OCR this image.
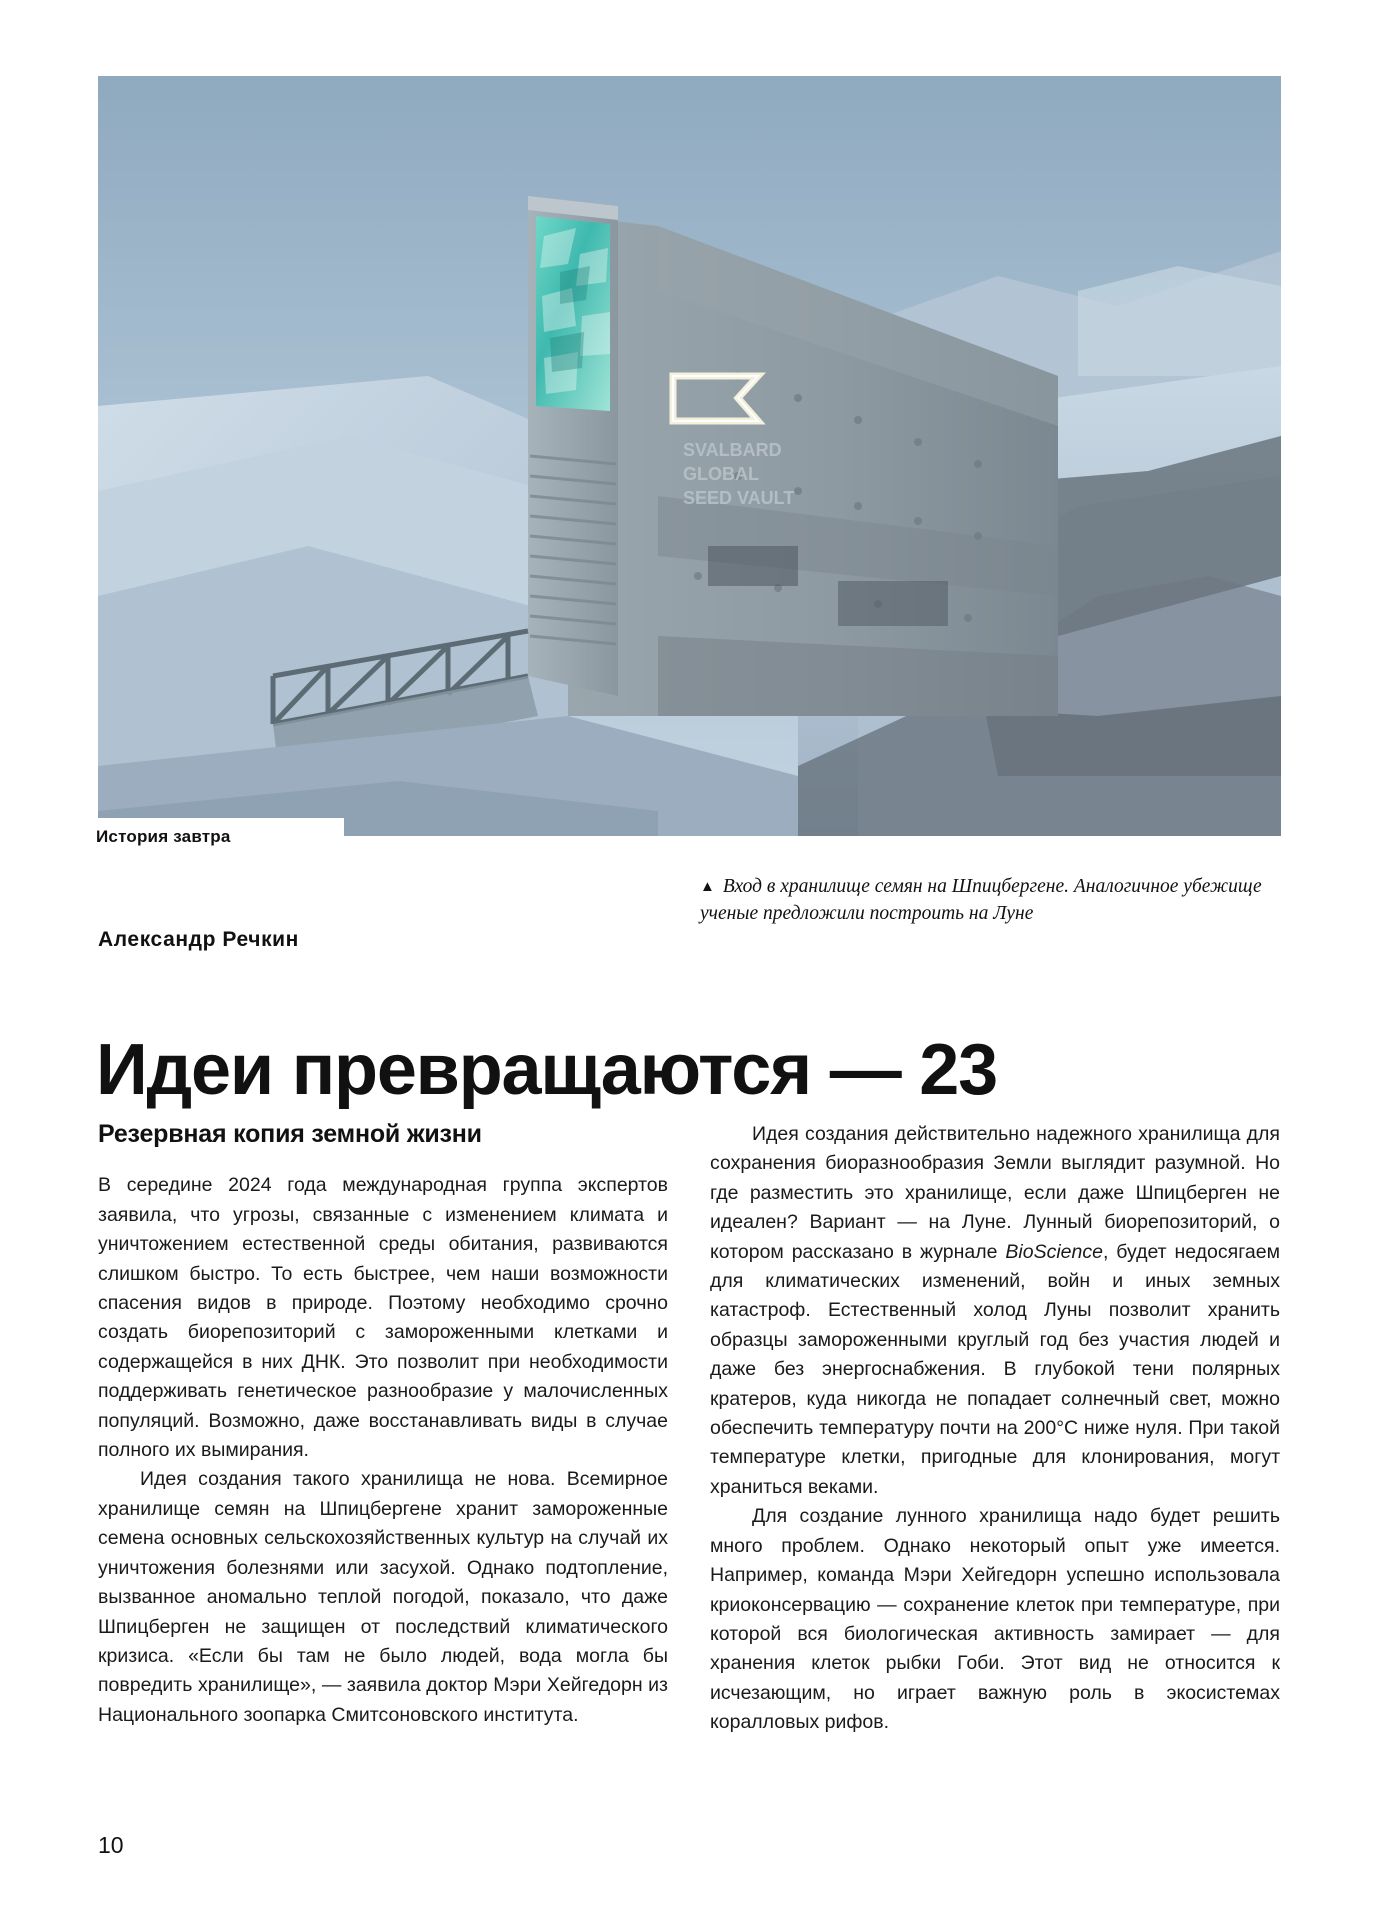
SVALBARD
GLOBAL
SEED VAULT
История завтра
▲ Вход в хранилище семян на Шпицбергене. Аналогичное убежище ученые предложили построить на Луне
Александр Речкин
Идеи превращаются — 23
Резервная копия земной жизни

В середине 2024 года международная группа экспертов заявила, что угрозы, связанные с изменением климата и уничтожением естественной среды обитания, развиваются слишком быстро. То есть быстрее, чем наши возможности спасения видов в природе. Поэтому необходимо срочно создать биорепозиторий с замороженными клетками и содержащейся в них ДНК. Это позволит при необходимости поддерживать генетическое разнообразие у малочисленных популяций. Возможно, даже восстанавливать виды в случае полного их вымирания.

Идея создания такого хранилища не нова. Всемирное хранилище семян на Шпицбергене хранит замороженные семена основных сельскохозяйственных культур на случай их уничтожения болезнями или засухой. Однако подтопление, вызванное аномально теплой погодой, показало, что даже Шпицберген не защищен от последствий климатического кризиса. «Если бы там не было людей, вода могла бы повредить хранилище», — заявила доктор Мэри Хейгедорн из Национального зоопарка Смитсоновского института.

Идея создания действительно надежного хранилища для сохранения биоразнообразия Земли выглядит разумной. Но где разместить это хранилище, если даже Шпицберген не идеален? Вариант — на Луне. Лунный биорепозиторий, о котором рассказано в журнале BioScience, будет недосягаем для климатических изменений, войн и иных земных катастроф. Естественный холод Луны позволит хранить образцы замороженными круглый год без участия людей и даже без энергоснабжения. В глубокой тени полярных кратеров, куда никогда не попадает солнечный свет, можно обеспечить температуру почти на 200°C ниже нуля. При такой температуре клетки, пригодные для клонирования, могут храниться веками.

Для создание лунного хранилища надо будет решить много проблем. Однако некоторый опыт уже имеется. Например, команда Мэри Хейгедорн успешно использовала криоконсервацию — сохранение клеток при температуре, при которой вся биологическая активность замирает — для хранения клеток рыбки Гоби. Этот вид не относится к исчезающим, но играет важную роль в экосистемах коралловых рифов.

10
